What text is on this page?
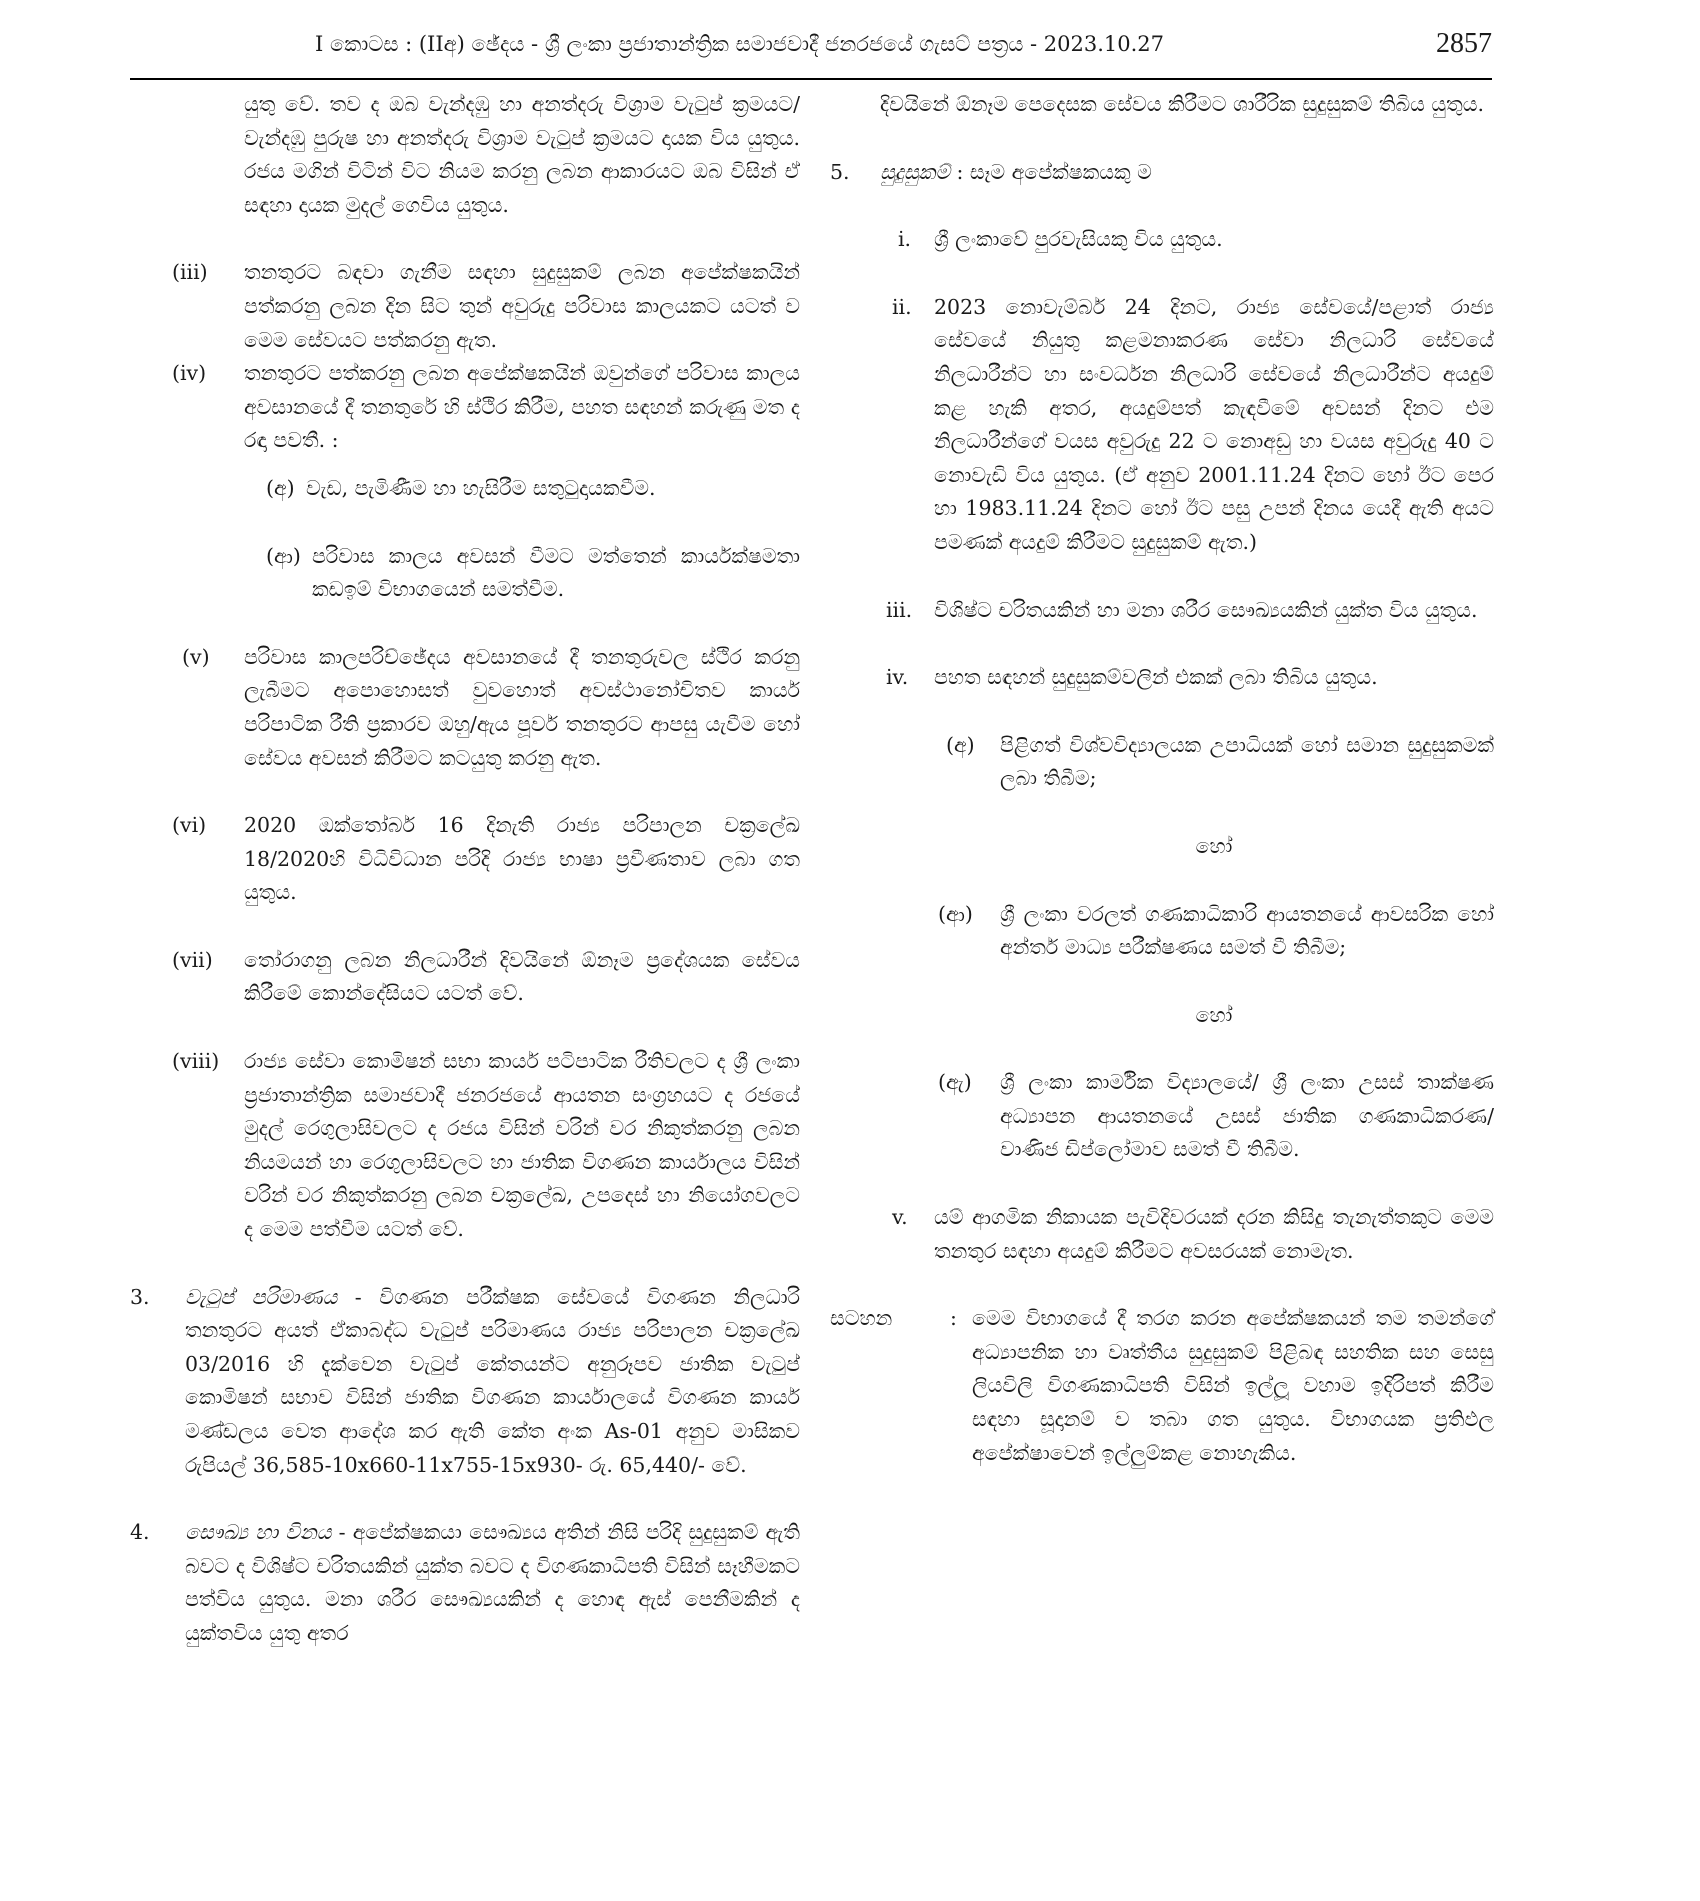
I කොටස : (IIඅ) ඡේදය - ශ්‍රී ලංකා ප්‍රජාතාන්ත්‍රික සමාජවාදී ජනරජයේ ගැසට් පත්‍රය - 2023.10.27	2857

යුතු වේ. තව ද ඔබ වැන්දඹු හා අනත්දරු විශ්‍රාම වැටුප් ක්‍රමයට/වැන්දඹු පුරුෂ හා අනත්දරු විශ්‍රාම වැටුප් ක්‍රමයට දායක විය යුතුය. රජය මගින් විටින් විට නියම කරනු ලබන ආකාරයට ඔබ විසින් ඒ සඳහා දායක මුදල් ගෙවිය යුතුය.

(iii) තනතුරට බඳවා ගැනීම සඳහා සුදුසුකම් ලබන අපේක්ෂකයින් පත්කරනු ලබන දින සිට තුන් අවුරුදු පරිවාස කාලයකට යටත් ව මෙම සේවයට පත්කරනු ඇත.

(iv) තනතුරට පත්කරනු ලබන අපේක්ෂකයින් ඔවුන්ගේ පරිවාස කාලය අවසානයේ දී තනතුරේ හි ස්ථිර කිරීම, පහත සඳහන් කරුණු මත ද රඳා පවතී. :

(අ) වැඩ, පැමිණීම හා හැසිරීම සතුටුදායකවීම.

(ආ) පරිවාස කාලය අවසන් වීමට මත්තෙන් කාර්යක්ෂමතා කඩඉම් විභාගයෙන් සමත්වීම.

(v) පරිවාස කාලපරිච්ඡේදය අවසානයේ දී තනතුරුවල ස්ථිර කරනු ලැබීමට අපොහොසත් වුවහොත් අවස්ථානෝචිතව කාර්ය පරිපාටික රීති ප්‍රකාරව ඔහු/ඇය පූර්ව තනතුරට ආපසු යැවීම හෝ සේවය අවසන් කිරීමට කටයුතු කරනු ඇත.

(vi) 2020 ඔක්තෝබර් 16 දිනැති රාජ්‍ය පරිපාලන චක්‍රලේඛ 18/2020හි විධිවිධාන පරිදි රාජ්‍ය භාෂා ප්‍රවීණතාව ලබා ගත යුතුය.

(vii) තෝරාගනු ලබන නිලධාරීන් දිවයිනේ ඕනෑම ප්‍රදේශයක සේවය කිරීමේ කොන්දේසියට යටත් වේ.

(viii) රාජ්‍ය සේවා කොමිෂන් සභා කාර්ය පටිපාටික රීතිවලට ද ශ්‍රී ලංකා ප්‍රජාතාන්ත්‍රික සමාජවාදී ජනරජයේ ආයතන සංග්‍රහයට ද රජයේ මුදල් රෙගුලාසිවලට ද රජය විසින් වරින් වර නිකුත්කරනු ලබන නියමයන් හා රෙගුලාසිවලට හා ජාතික විගණන කාර්යාලය විසින් වරින් වර නිකුත්කරනු ලබන චක්‍රලේඛ, උපදෙස් හා නියෝගවලට ද මෙම පත්වීම යටත් වේ.

3. වැටුප් පරිමාණය - විගණන පරීක්ෂක සේවයේ විගණන නිලධාරි තනතුරට අයත් ඒකාබද්ධ වැටුප් පරිමාණය රාජ්‍ය පරිපාලන චක්‍රලේඛ 03/2016 හි දැක්වෙන වැටුප් කේතයන්ට අනුරූපව ජාතික වැටුප් කොමිෂන් සභාව විසින් ජාතික විගණන කාර්යාලයේ විගණන කාර්ය මණ්ඩලය වෙත ආදේශ කර ඇති කේත අංක As-01 අනුව මාසිකව රුපියල් 36,585-10x660-11x755-15x930- රු. 65,440/- වේ.

4. සෞඛ්‍ය හා විනය - අපේක්ෂකයා සෞඛ්‍යය අතින් නිසි පරිදි සුදුසුකම් ඇති බවට ද විශිෂ්ට චරිතයකින් යුක්ත බවට ද විගණකාධිපති විසින් සෑහීමකට පත්විය යුතුය. මනා ශරීර සෞඛ්‍යයකින් ද හොඳ ඇස් පෙනීමකින් ද යුක්තවිය යුතු අතර

දිවයිනේ ඕනෑම පෙදෙසක සේවය කිරීමට ශාරීරික සුදුසුකම් තිබිය යුතුය.

5. සුදුසුකම් : සෑම අපේක්ෂකයකු ම

i.	ශ්‍රී ලංකාවේ පුරවැසියකු විය යුතුය.

ii.	2023 නොවැම්බර් 24 දිනට, රාජ්‍ය සේවයේ/පළාත් රාජ්‍ය සේවයේ නියුතු කළමනාකරණ සේවා නිලධාරි සේවයේ නිලධාරීන්ට හා සංවර්ධන නිලධාරි සේවයේ නිලධාරීන්ට අයදුම් කළ හැකි අතර, අයදුම්පත් කැඳවීමේ අවසන් දිනට එම නිලධාරීන්ගේ වයස අවුරුදු 22 ට නොඅඩු හා වයස අවුරුදු 40 ට නොවැඩි විය යුතුය. (ඒ අනුව 2001.11.24 දිනට හෝ ඊට පෙර හා 1983.11.24 දිනට හෝ ඊට පසු උපන් දිනය යෙදී ඇති අයට පමණක් අයදුම් කිරීමට සුදුසුකම් ඇත.)

iii.	විශිෂ්ට චරිතයකින් හා මනා ශරීර සෞඛ්‍යයකින් යුක්ත විය යුතුය.

iv.	පහත සඳහන් සුදුසුකම්වලින් එකක් ලබා තිබිය යුතුය.

(අ) පිළිගත් විශ්වවිද්‍යාලයක උපාධියක් හෝ සමාන සුදුසුකමක් ලබා තිබීම;

හෝ
(ආ) ශ්‍රී ලංකා වරලත් ගණකාධිකාරි ආයතනයේ ආවසරික හෝ අන්තර් මාධ්‍ය පරීක්ෂණය සමත් වී තිබීම;

හෝ
(ඇ) ශ්‍රී ලංකා කාර්මික විද්‍යාලයේ/ ශ්‍රී ලංකා උසස් තාක්ෂණ අධ්‍යාපන ආයතනයේ උසස් ජාතික ගණකාධිකරණ/ වාණිජ ඩිප්ලෝමාව සමත් වී තිබීම.

v.	යම් ආගමික නිකායක පැවිදිවරයක් දරන කිසිදු තැනැත්තකුට මෙම තනතුර සඳහා අයදුම් කිරීමට අවසරයක් නොමැත.

සටහන	: මෙම විභාගයේ දී තරග කරන අපේක්ෂකයන් තම තමන්ගේ අධ්‍යාපනික හා වෘත්තීය සුදුසුකම් පිළිබඳ සහතික සහ සෙසු ලියවිලි විගණකාධිපති විසින් ඉල්ලූ වහාම ඉදිරිපත් කිරීම සඳහා සූදානම් ව තබා ගත යුතුය. විභාගයක ප්‍රතිඵල අපේක්ෂාවෙන් ඉල්ලුම්කළ නොහැකිය.
